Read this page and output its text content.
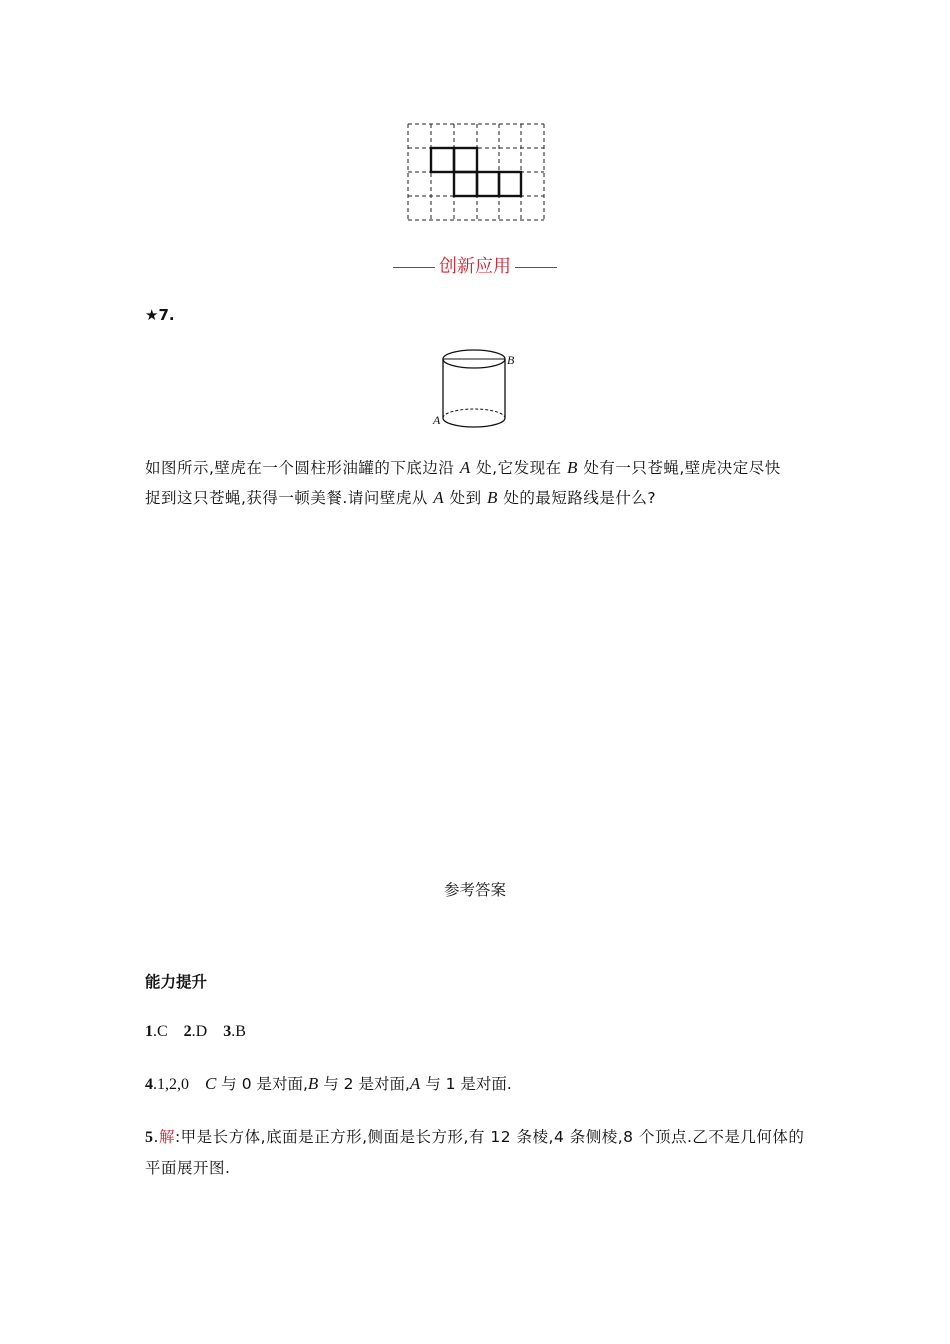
创新应用
★7.
B
A
如图所示,壁虎在一个圆柱形油罐的下底边沿 A 处,它发现在 B 处有一只苍蝇,壁虎决定尽快
捉到这只苍蝇,获得一顿美餐.请问壁虎从 A 处到 B 处的最短路线是什么?
参考答案
能力提升
1.C 2.D 3.B
4.1,2,0 C 与 0 是对面,B 与 2 是对面,A 与 1 是对面.
5.解:甲是长方体,底面是正方形,侧面是长方形,有 12 条棱,4 条侧棱,8 个顶点.乙不是几何体的
平面展开图.
